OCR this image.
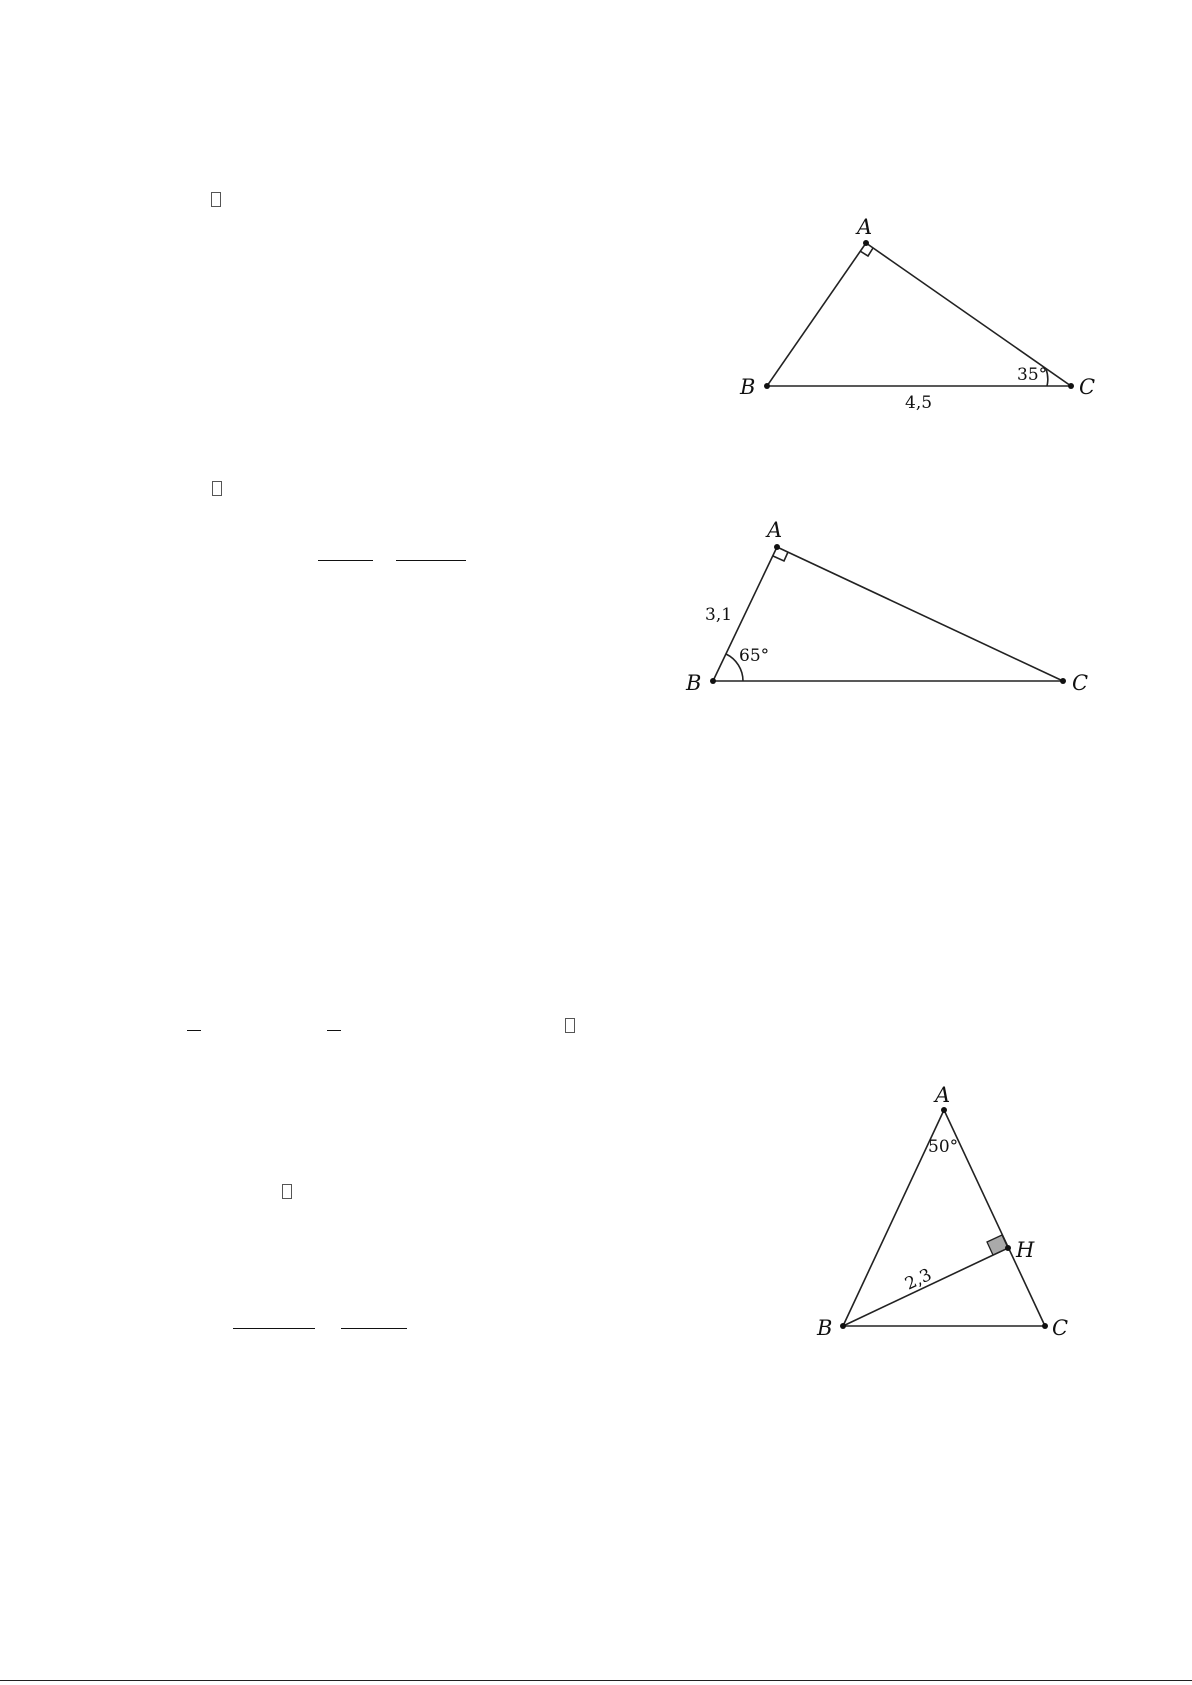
A
B	C
35°
4,5
A
B	C
65°
3,1
A
B	C
H
50°
2,3
